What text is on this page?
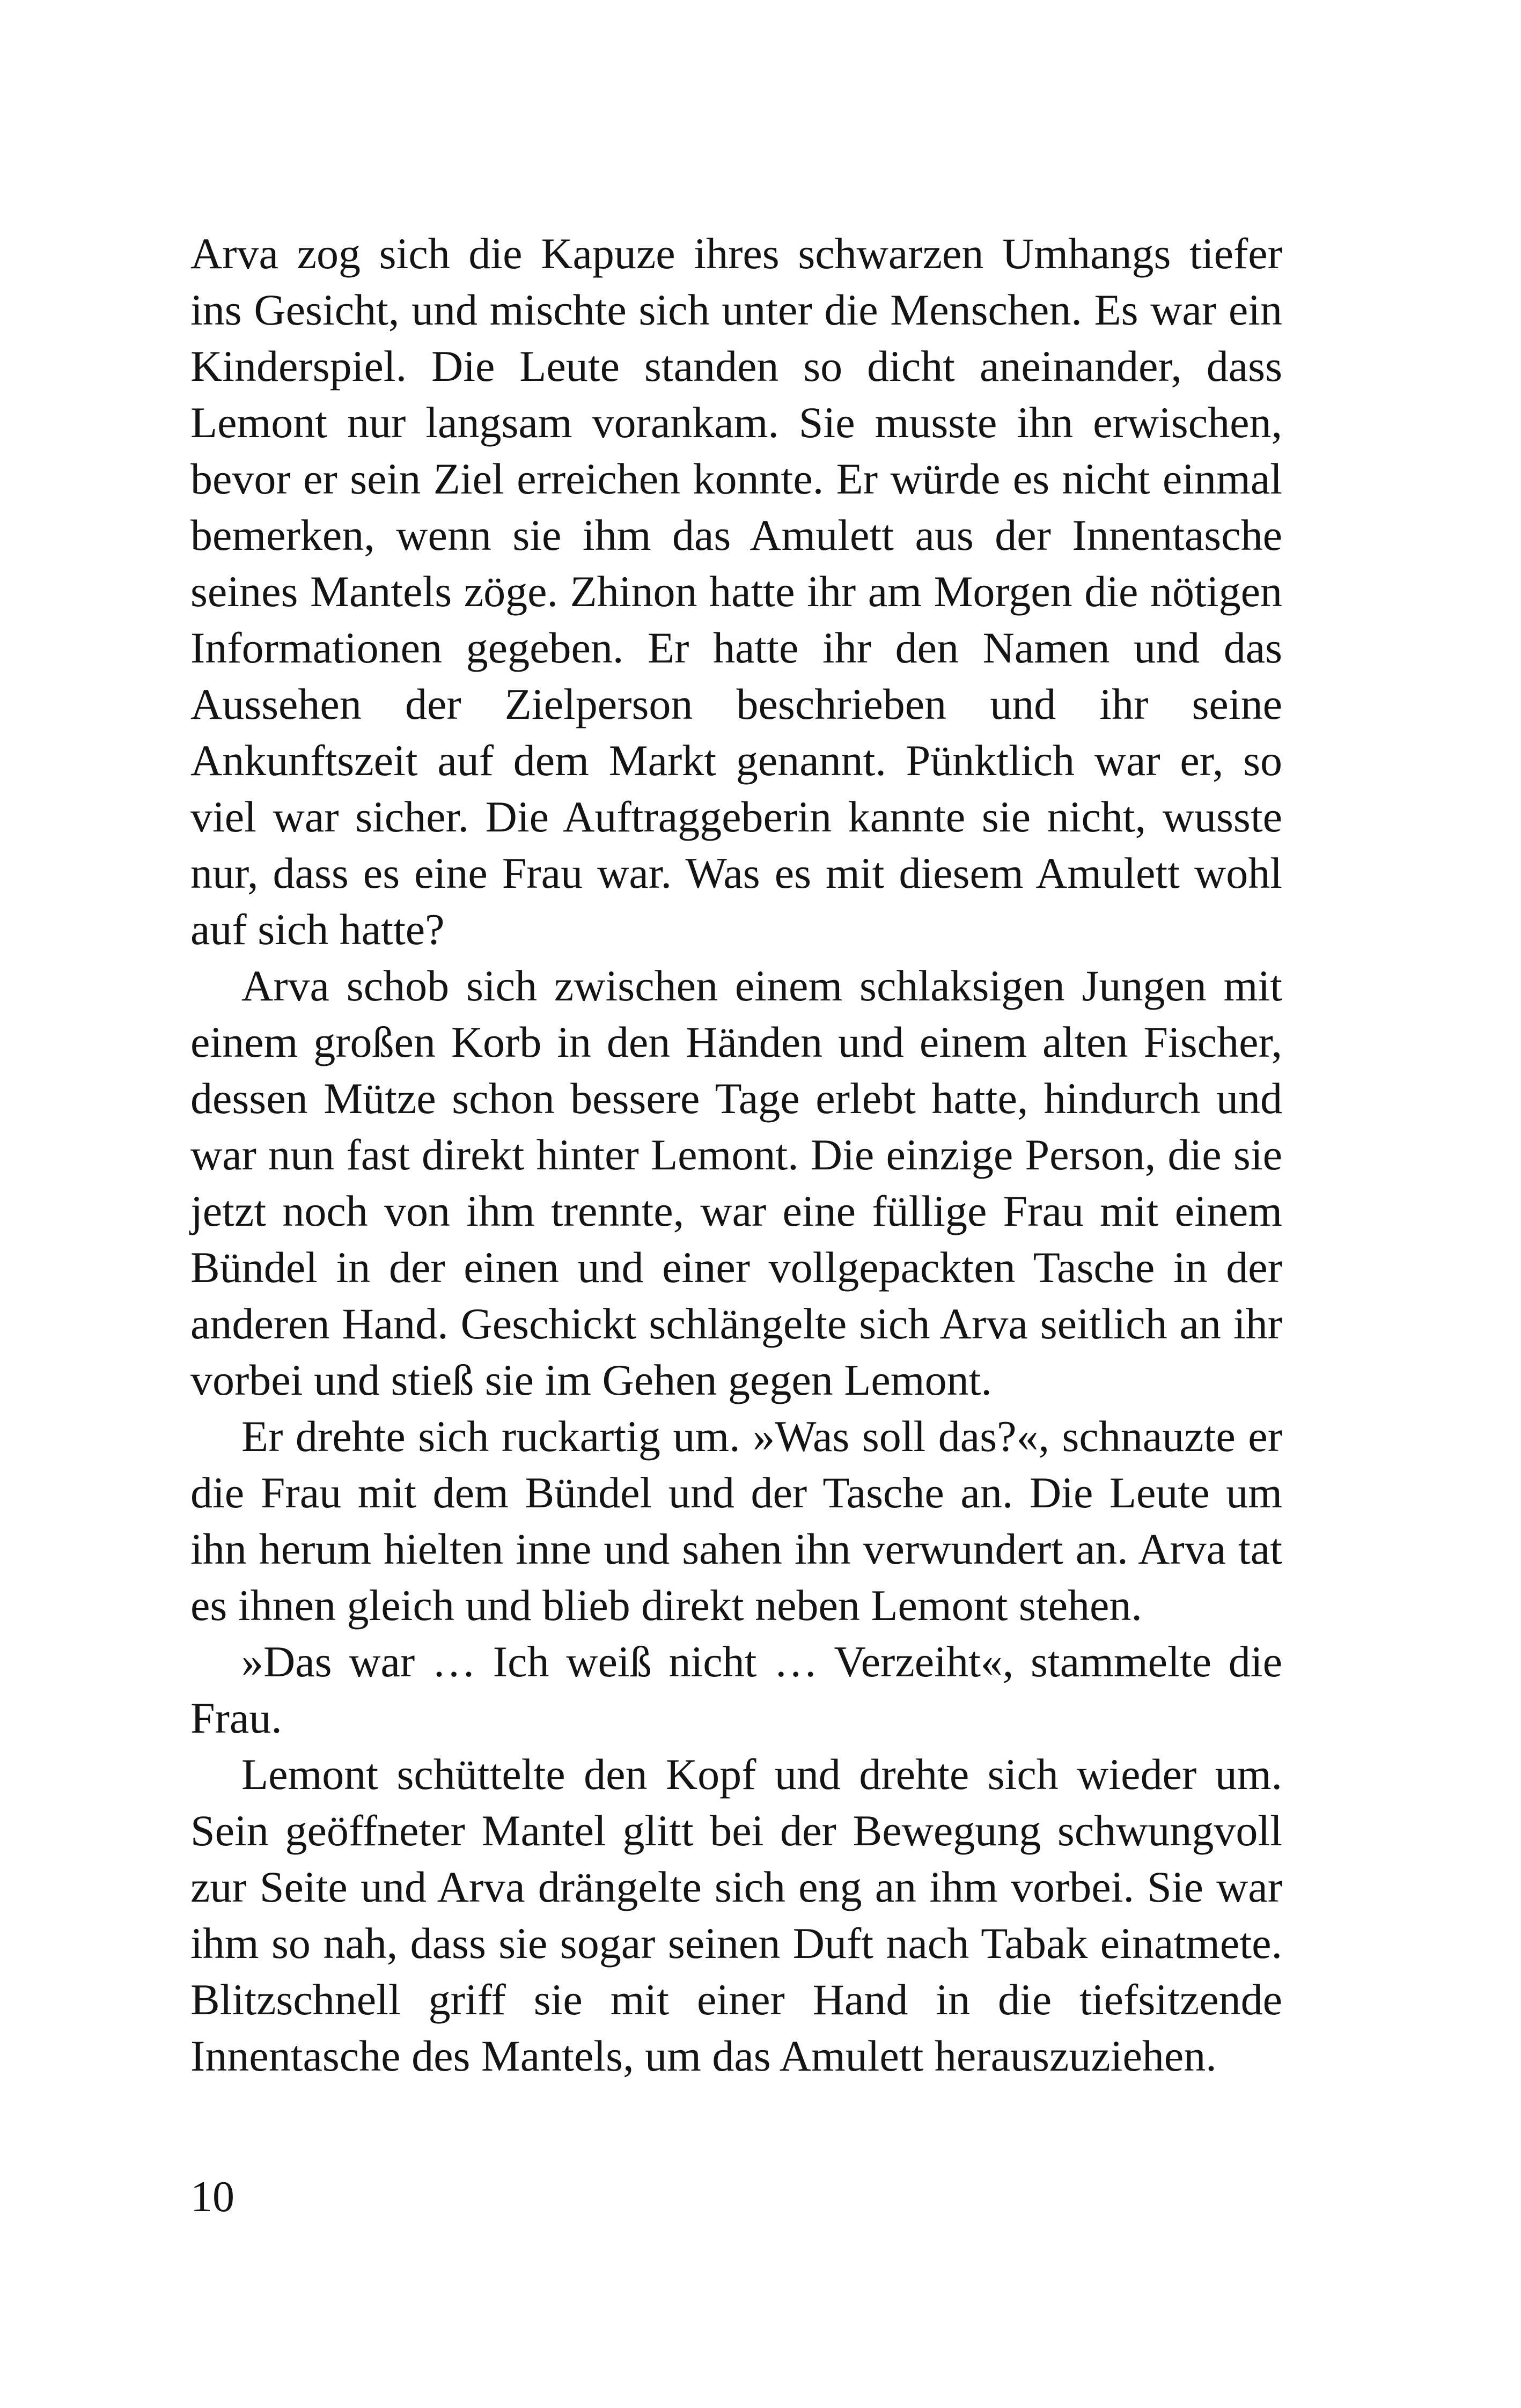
Arva zog sich die Kapuze ihres schwarzen Umhangs tiefer ins Gesicht, und mischte sich unter die Menschen. Es war ein Kinderspiel. Die Leute standen so dicht aneinander, dass Lemont nur langsam vorankam. Sie musste ihn erwischen, bevor er sein Ziel erreichen konnte. Er würde es nicht einmal bemerken, wenn sie ihm das Amulett aus der Innentasche seines Mantels zöge. Zhinon hatte ihr am Morgen die nötigen Informationen gegeben. Er hatte ihr den Namen und das Aussehen der Zielperson beschrieben und ihr seine Ankunftszeit auf dem Markt genannt. Pünktlich war er, so viel war sicher. Die Auftraggeberin kannte sie nicht, wusste nur, dass es eine Frau war. Was es mit diesem Amulett wohl auf sich hatte?

Arva schob sich zwischen einem schlaksigen Jungen mit einem großen Korb in den Händen und einem alten Fischer, dessen Mütze schon bessere Tage erlebt hatte, hindurch und war nun fast direkt hinter Lemont. Die einzige Person, die sie jetzt noch von ihm trennte, war eine füllige Frau mit einem Bündel in der einen und einer vollgepackten Tasche in der anderen Hand. Geschickt schlängelte sich Arva seitlich an ihr vorbei und stieß sie im Gehen gegen Lemont.

Er drehte sich ruckartig um. »Was soll das?«, schnauzte er die Frau mit dem Bündel und der Tasche an. Die Leute um ihn herum hielten inne und sahen ihn verwundert an. Arva tat es ihnen gleich und blieb direkt neben Lemont stehen.

»Das war … Ich weiß nicht … Verzeiht«, stammelte die Frau.

Lemont schüttelte den Kopf und drehte sich wieder um. Sein geöffneter Mantel glitt bei der Bewegung schwungvoll zur Seite und Arva drängelte sich eng an ihm vorbei. Sie war ihm so nah, dass sie sogar seinen Duft nach Tabak einatmete. Blitzschnell griff sie mit einer Hand in die tiefsitzende Innentasche des Mantels, um das Amulett herauszuziehen.

10
